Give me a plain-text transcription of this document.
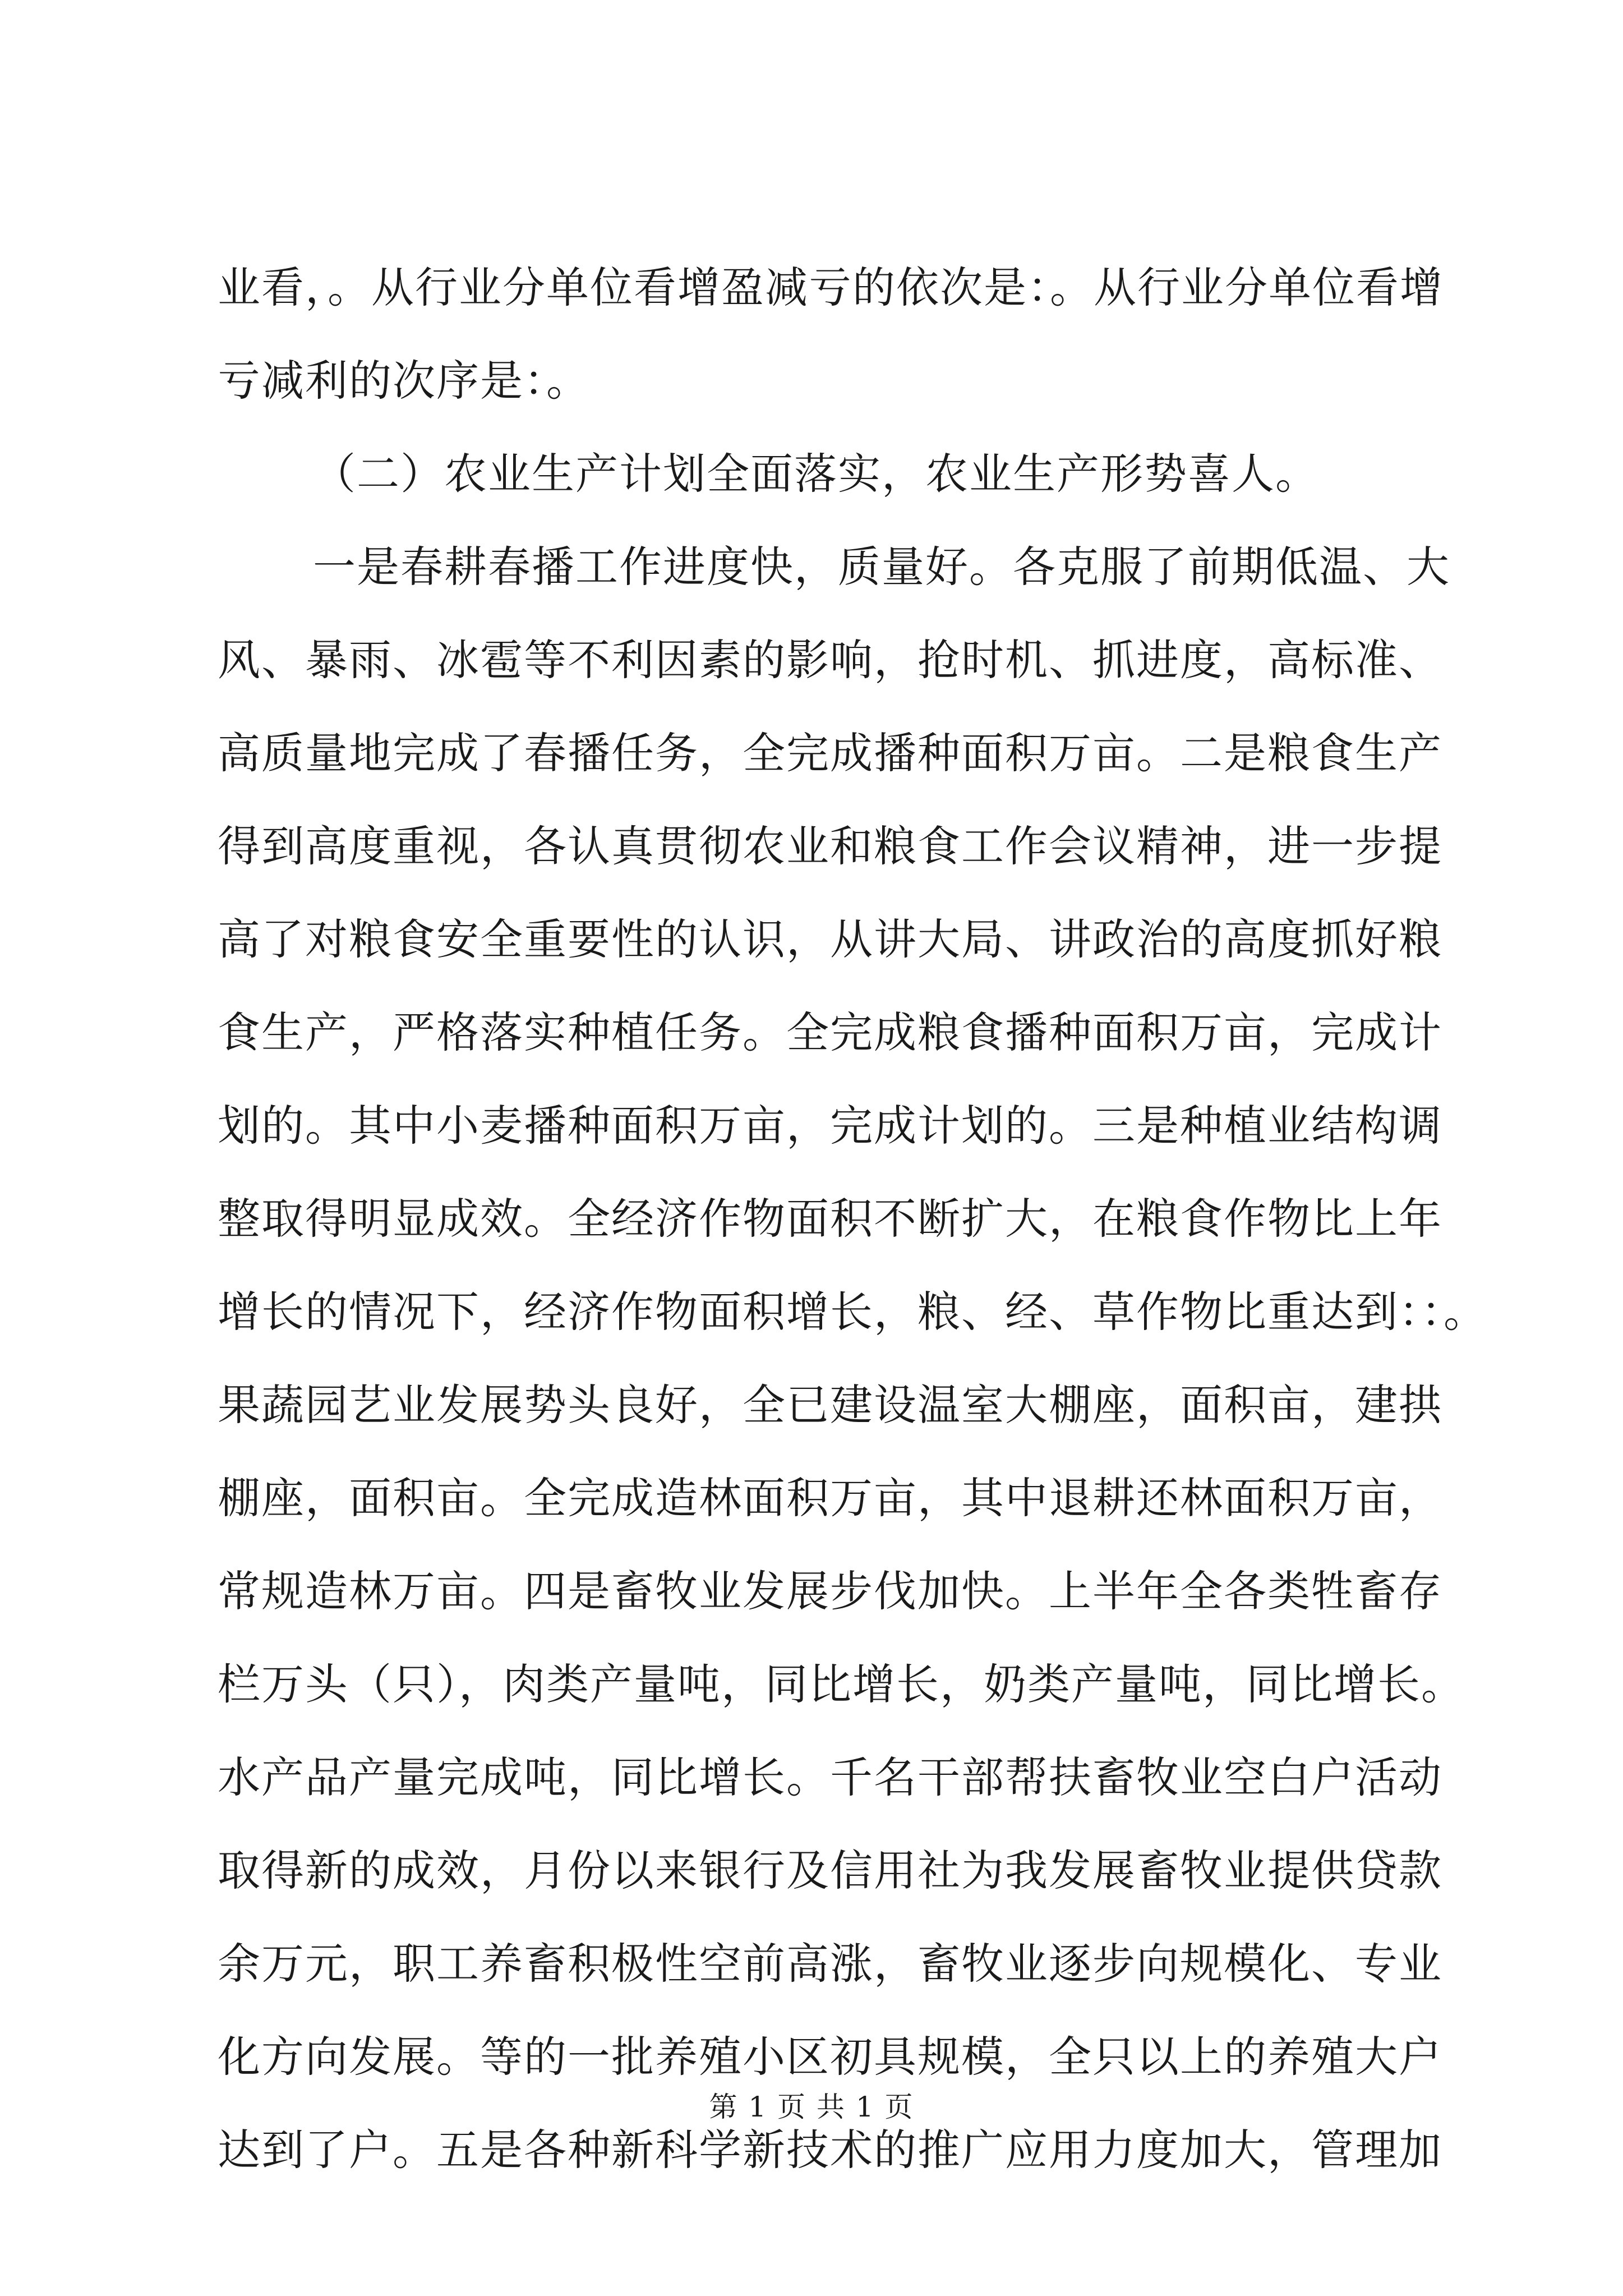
业看，。从行业分单位看增盈减亏的依次是：。从行业分单位看增
亏减利的次序是：。
（二）农业生产计划全面落实，农业生产形势喜人。
一是春耕春播工作进度快，质量好。各克服了前期低温、大
风、暴雨、冰雹等不利因素的影响，抢时机、抓进度，高标准、
高质量地完成了春播任务，全完成播种面积万亩。二是粮食生产
得到高度重视，各认真贯彻农业和粮食工作会议精神，进一步提
高了对粮食安全重要性的认识，从讲大局、讲政治的高度抓好粮
食生产，严格落实种植任务。全完成粮食播种面积万亩，完成计
划的。其中小麦播种面积万亩，完成计划的。三是种植业结构调
整取得明显成效。全经济作物面积不断扩大，在粮食作物比上年
增长的情况下，经济作物面积增长，粮、经、草作物比重达到：：。
果蔬园艺业发展势头良好，全已建设温室大棚座，面积亩，建拱
棚座，面积亩。全完成造林面积万亩，其中退耕还林面积万亩，
常规造林万亩。四是畜牧业发展步伐加快。上半年全各类牲畜存
栏万头（只），肉类产量吨，同比增长，奶类产量吨，同比增长。
水产品产量完成吨，同比增长。千名干部帮扶畜牧业空白户活动
取得新的成效，月份以来银行及信用社为我发展畜牧业提供贷款
余万元，职工养畜积极性空前高涨，畜牧业逐步向规模化、专业
化方向发展。等的一批养殖小区初具规模，全只以上的养殖大户
达到了户。五是各种新科学新技术的推广应用力度加大，管理加
第 1 页 共 1 页
